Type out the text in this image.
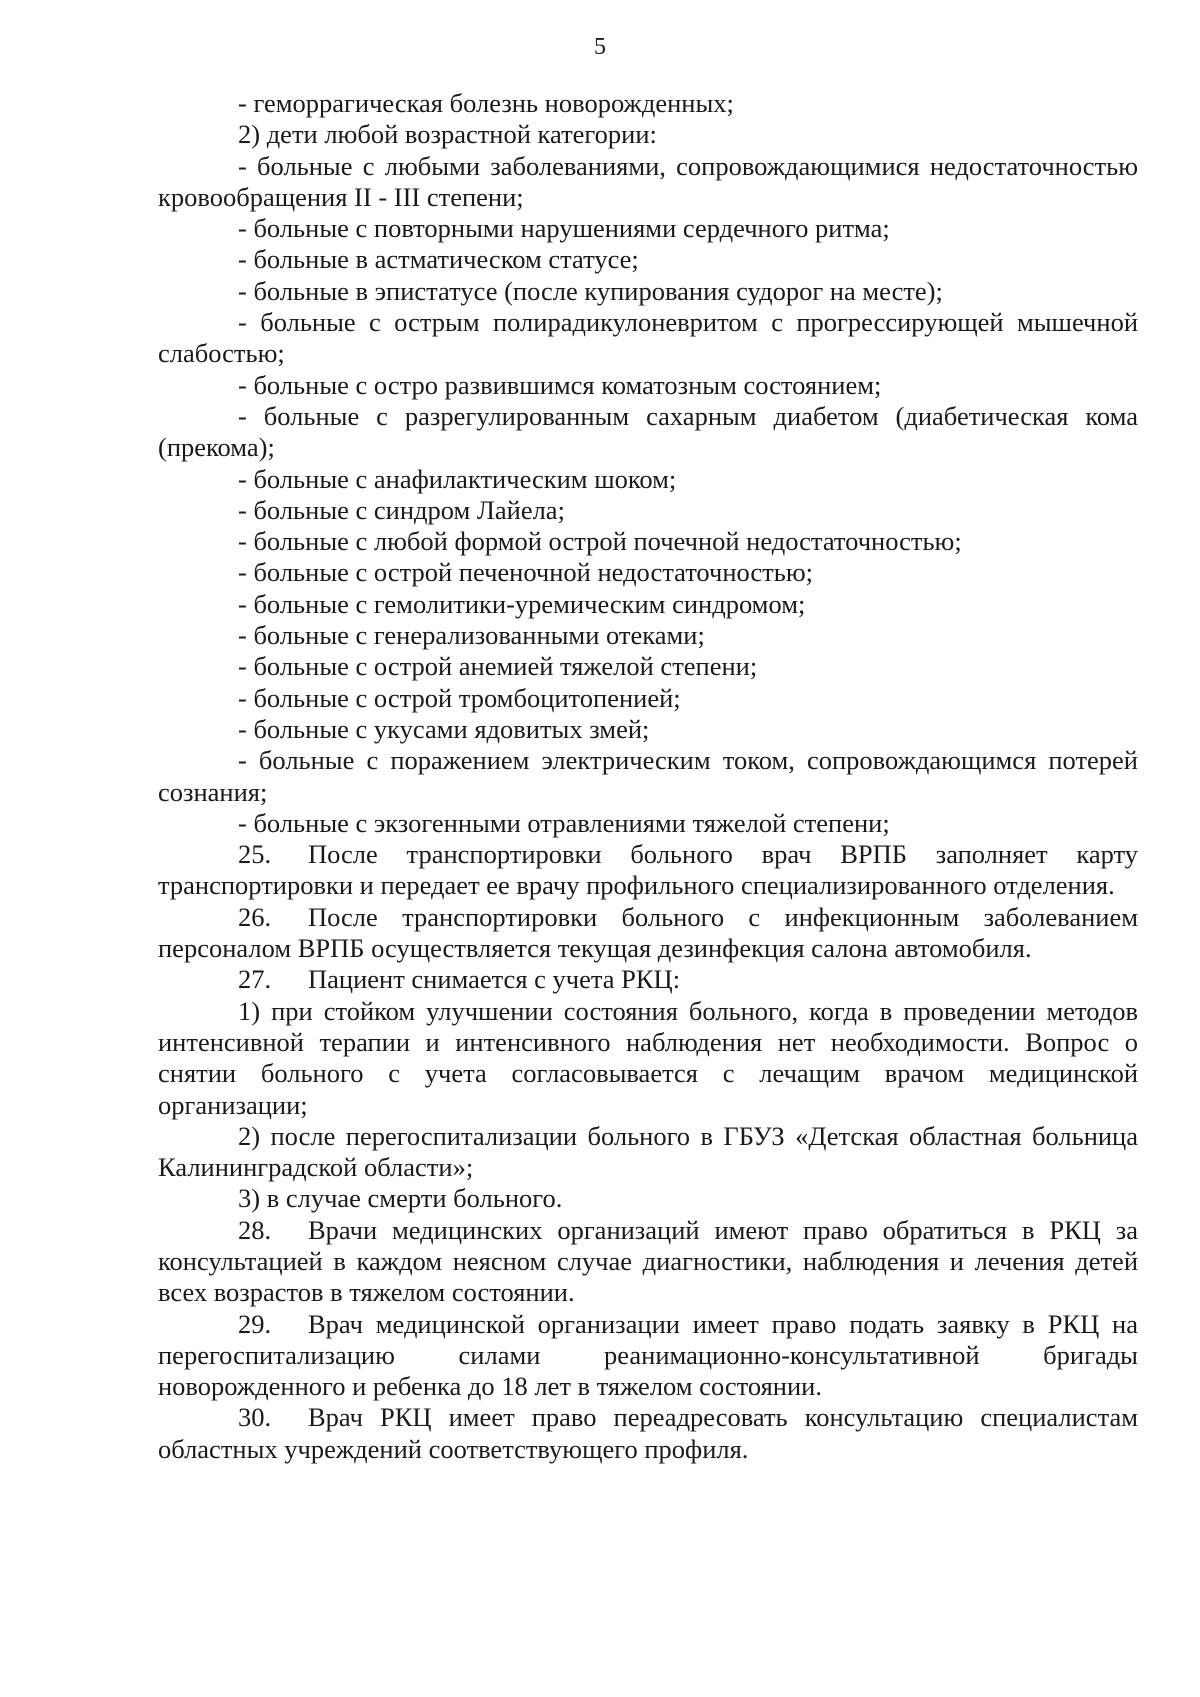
5

- геморрагическая болезнь новорожденных;

2) дети любой возрастной категории:

- больные с любыми заболеваниями, сопровождающимися недостаточностью кровообращения II - III степени;

- больные с повторными нарушениями сердечного ритма;

- больные в астматическом статусе;

- больные в эпистатусе (после купирования судорог на месте);

- больные с острым полирадикулоневритом с прогрессирующей мышечной слабостью;

- больные с остро развившимся коматозным состоянием;

- больные с разрегулированным сахарным диабетом (диабетическая кома (прекома);

- больные с анафилактическим шоком;

- больные с синдром Лайела;

- больные с любой формой острой почечной недостаточностью;

- больные с острой печеночной недостаточностью;

- больные с гемолитики-уремическим синдромом;

- больные с генерализованными отеками;

- больные с острой анемией тяжелой степени;

- больные с острой тромбоцитопенией;

- больные с укусами ядовитых змей;

- больные с поражением электрическим током, сопровождающимся потерей сознания;

- больные с экзогенными отравлениями тяжелой степени;

25. После транспортировки больного врач ВРПБ заполняет карту транспортировки и передает ее врачу профильного специализированного отделения.

26. После транспортировки больного с инфекционным заболеванием персоналом ВРПБ осуществляется текущая дезинфекция салона автомобиля.

27. Пациент снимается с учета РКЦ:

1) при стойком улучшении состояния больного, когда в проведении методов интенсивной терапии и интенсивного наблюдения нет необходимости. Вопрос о снятии больного с учета согласовывается с лечащим врачом медицинской организации;

2) после перегоспитализации больного в ГБУЗ «Детская областная больница Калининградской области»;

3) в случае смерти больного.

28. Врачи медицинских организаций имеют право обратиться в РКЦ за консультацией в каждом неясном случае диагностики, наблюдения и лечения детей всех возрастов в тяжелом состоянии.

29. Врач медицинской организации имеет право подать заявку в РКЦ на перегоспитализацию силами реанимационно-консультативной бригады новорожденного и ребенка до 18 лет в тяжелом состоянии.

30. Врач РКЦ имеет право переадресовать консультацию специалистам областных учреждений соответствующего профиля.
